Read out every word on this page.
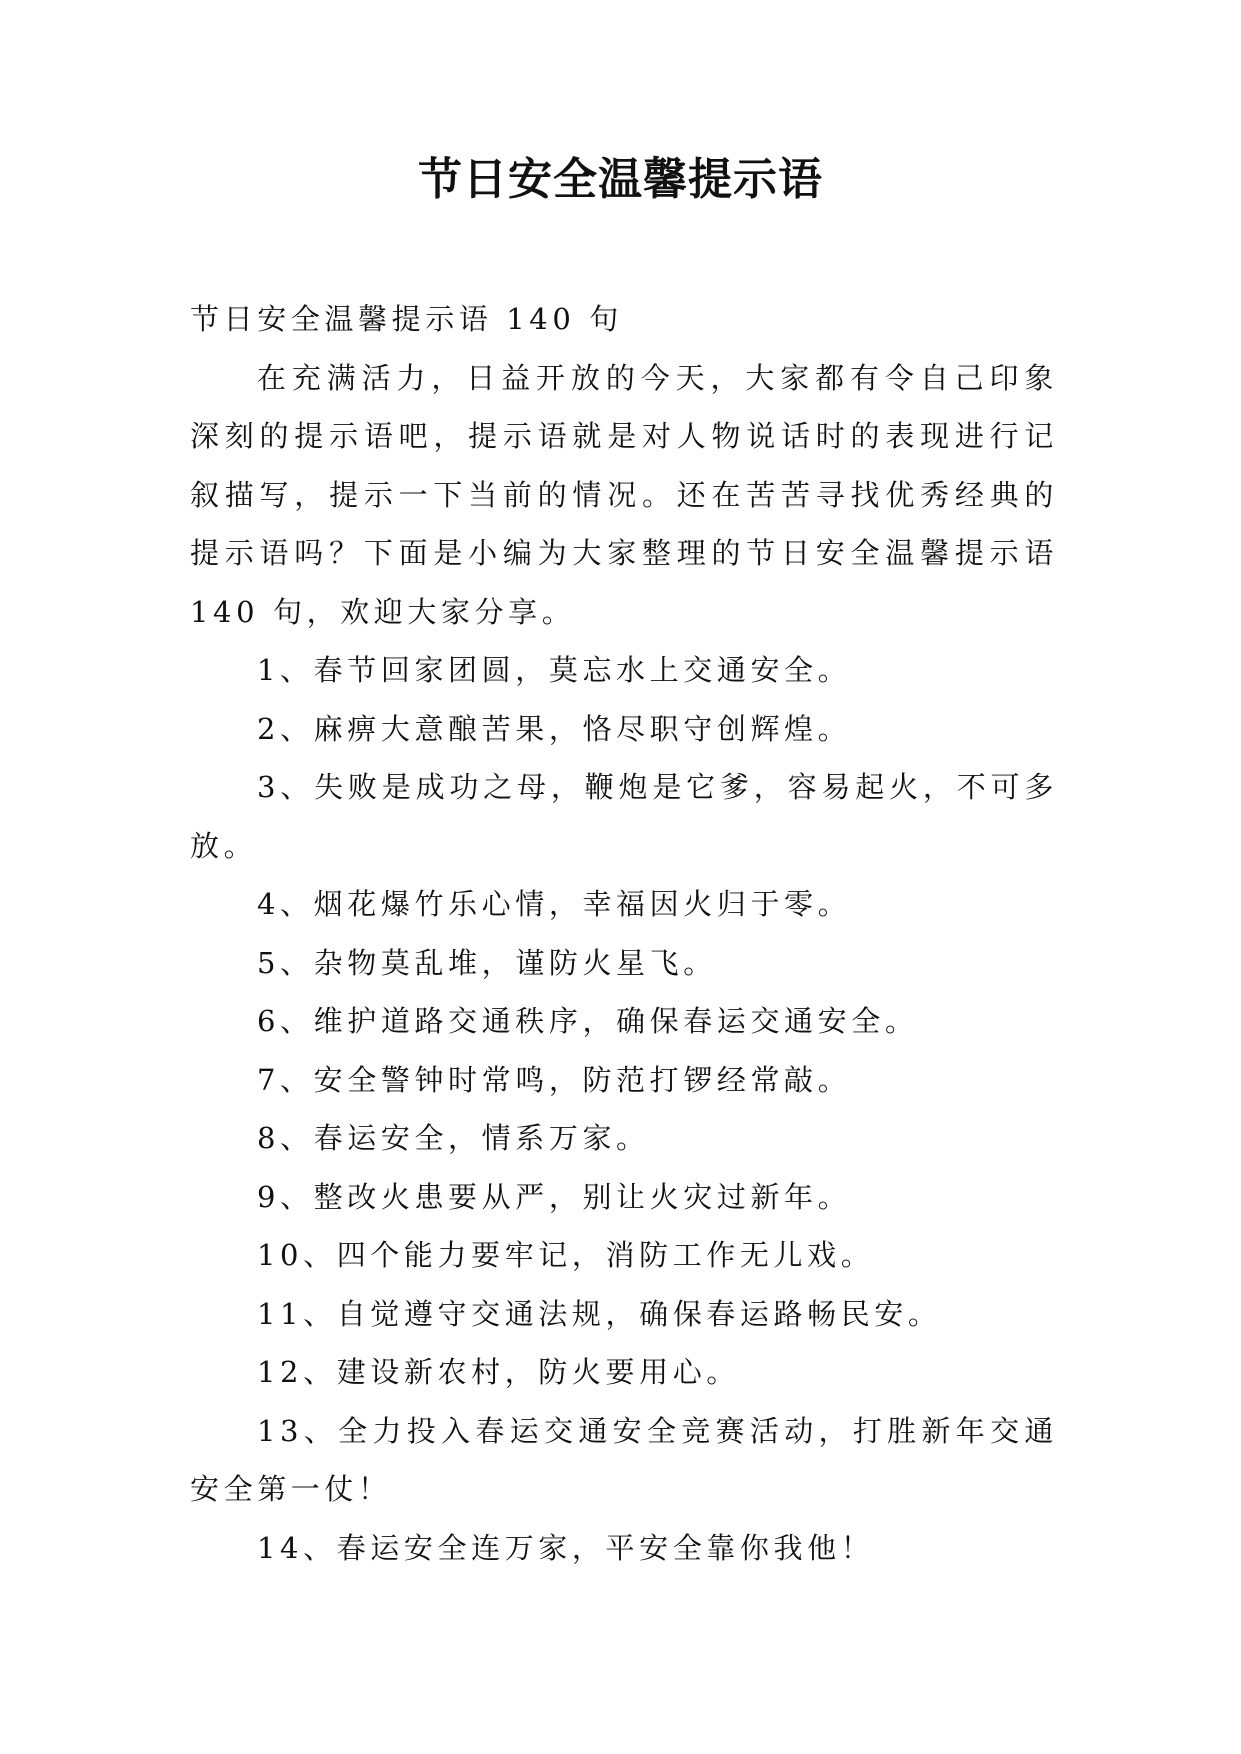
节日安全温馨提示语

节日安全温馨提示语 140 句

在充满活力，日益开放的今天，大家都有令自己印象深刻的提示语吧，提示语就是对人物说话时的表现进行记叙描写，提示一下当前的情况。还在苦苦寻找优秀经典的提示语吗？下面是小编为大家整理的节日安全温馨提示语 140 句，欢迎大家分享。

1、春节回家团圆，莫忘水上交通安全。

2、麻痹大意酿苦果，恪尽职守创辉煌。

3、失败是成功之母，鞭炮是它爹，容易起火，不可多放。

4、烟花爆竹乐心情，幸福因火归于零。

5、杂物莫乱堆，谨防火星飞。

6、维护道路交通秩序，确保春运交通安全。

7、安全警钟时常鸣，防范打锣经常敲。

8、春运安全，情系万家。

9、整改火患要从严，别让火灾过新年。

10、四个能力要牢记，消防工作无儿戏。

11、自觉遵守交通法规，确保春运路畅民安。

12、建设新农村，防火要用心。

13、全力投入春运交通安全竞赛活动，打胜新年交通安全第一仗！

14、春运安全连万家，平安全靠你我他！
